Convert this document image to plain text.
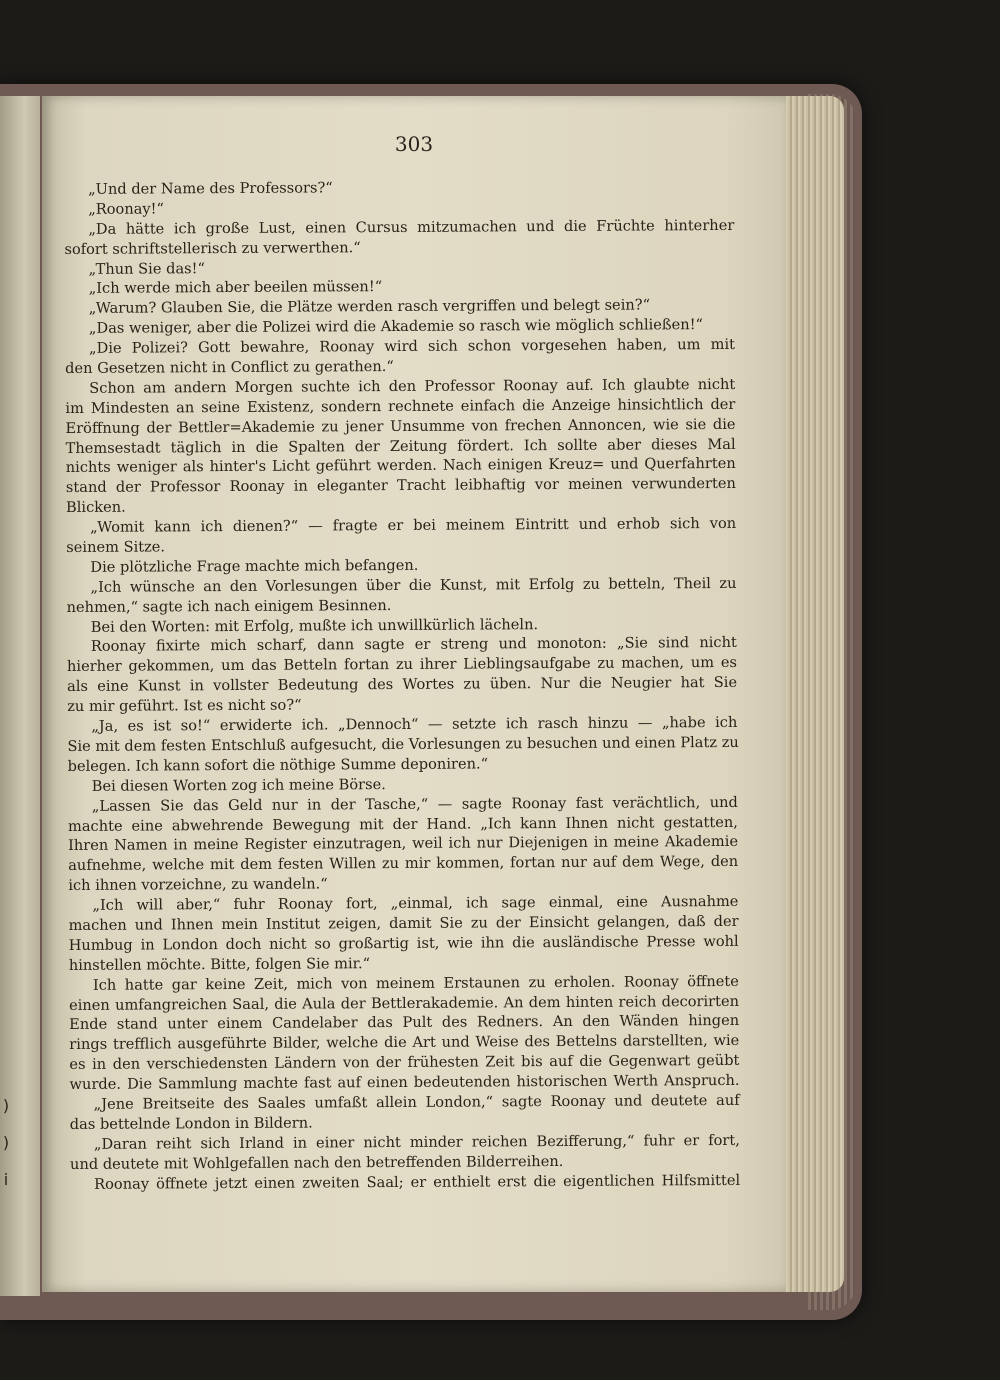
)
)
i
303
„Und der Name des Professors?“
„Roonay!“
„Da hätte ich große Lust, einen Cursus mitzumachen und die Früchte hinterher
sofort schriftstellerisch zu verwerthen.“
„Thun Sie das!“
„Ich werde mich aber beeilen müssen!“
„Warum? Glauben Sie, die Plätze werden rasch vergriffen und belegt sein?“
„Das weniger, aber die Polizei wird die Akademie so rasch wie möglich schließen!“
„Die Polizei? Gott bewahre, Roonay wird sich schon vorgesehen haben, um mit
den Gesetzen nicht in Conflict zu gerathen.“
Schon am andern Morgen suchte ich den Professor Roonay auf. Ich glaubte nicht
im Mindesten an seine Existenz, sondern rechnete einfach die Anzeige hinsichtlich der
Eröffnung der Bettler=Akademie zu jener Unsumme von frechen Annoncen, wie sie die
Themsestadt täglich in die Spalten der Zeitung fördert. Ich sollte aber dieses Mal
nichts weniger als hinter's Licht geführt werden. Nach einigen Kreuz= und Querfahrten
stand der Professor Roonay in eleganter Tracht leibhaftig vor meinen verwunderten
Blicken.
„Womit kann ich dienen?“ — fragte er bei meinem Eintritt und erhob sich von
seinem Sitze.
Die plötzliche Frage machte mich befangen.
„Ich wünsche an den Vorlesungen über die Kunst, mit Erfolg zu betteln, Theil zu
nehmen,“ sagte ich nach einigem Besinnen.
Bei den Worten: mit Erfolg, mußte ich unwillkürlich lächeln.
Roonay fixirte mich scharf, dann sagte er streng und monoton: „Sie sind nicht
hierher gekommen, um das Betteln fortan zu ihrer Lieblingsaufgabe zu machen, um es
als eine Kunst in vollster Bedeutung des Wortes zu üben. Nur die Neugier hat Sie
zu mir geführt. Ist es nicht so?“
„Ja, es ist so!“ erwiderte ich. „Dennoch“ — setzte ich rasch hinzu — „habe ich
Sie mit dem festen Entschluß aufgesucht, die Vorlesungen zu besuchen und einen Platz zu
belegen. Ich kann sofort die nöthige Summe deponiren.“
Bei diesen Worten zog ich meine Börse.
„Lassen Sie das Geld nur in der Tasche,“ — sagte Roonay fast verächtlich, und
machte eine abwehrende Bewegung mit der Hand. „Ich kann Ihnen nicht gestatten,
Ihren Namen in meine Register einzutragen, weil ich nur Diejenigen in meine Akademie
aufnehme, welche mit dem festen Willen zu mir kommen, fortan nur auf dem Wege, den
ich ihnen vorzeichne, zu wandeln.“
„Ich will aber,“ fuhr Roonay fort, „einmal, ich sage einmal, eine Ausnahme
machen und Ihnen mein Institut zeigen, damit Sie zu der Einsicht gelangen, daß der
Humbug in London doch nicht so großartig ist, wie ihn die ausländische Presse wohl
hinstellen möchte. Bitte, folgen Sie mir.“
Ich hatte gar keine Zeit, mich von meinem Erstaunen zu erholen. Roonay öffnete
einen umfangreichen Saal, die Aula der Bettlerakademie. An dem hinten reich decorirten
Ende stand unter einem Candelaber das Pult des Redners. An den Wänden hingen
rings trefflich ausgeführte Bilder, welche die Art und Weise des Bettelns darstellten, wie
es in den verschiedensten Ländern von der frühesten Zeit bis auf die Gegenwart geübt
wurde. Die Sammlung machte fast auf einen bedeutenden historischen Werth Anspruch.
„Jene Breitseite des Saales umfaßt allein London,“ sagte Roonay und deutete auf
das bettelnde London in Bildern.
„Daran reiht sich Irland in einer nicht minder reichen Bezifferung,“ fuhr er fort,
und deutete mit Wohlgefallen nach den betreffenden Bilderreihen.
Roonay öffnete jetzt einen zweiten Saal; er enthielt erst die eigentlichen Hilfsmittel
